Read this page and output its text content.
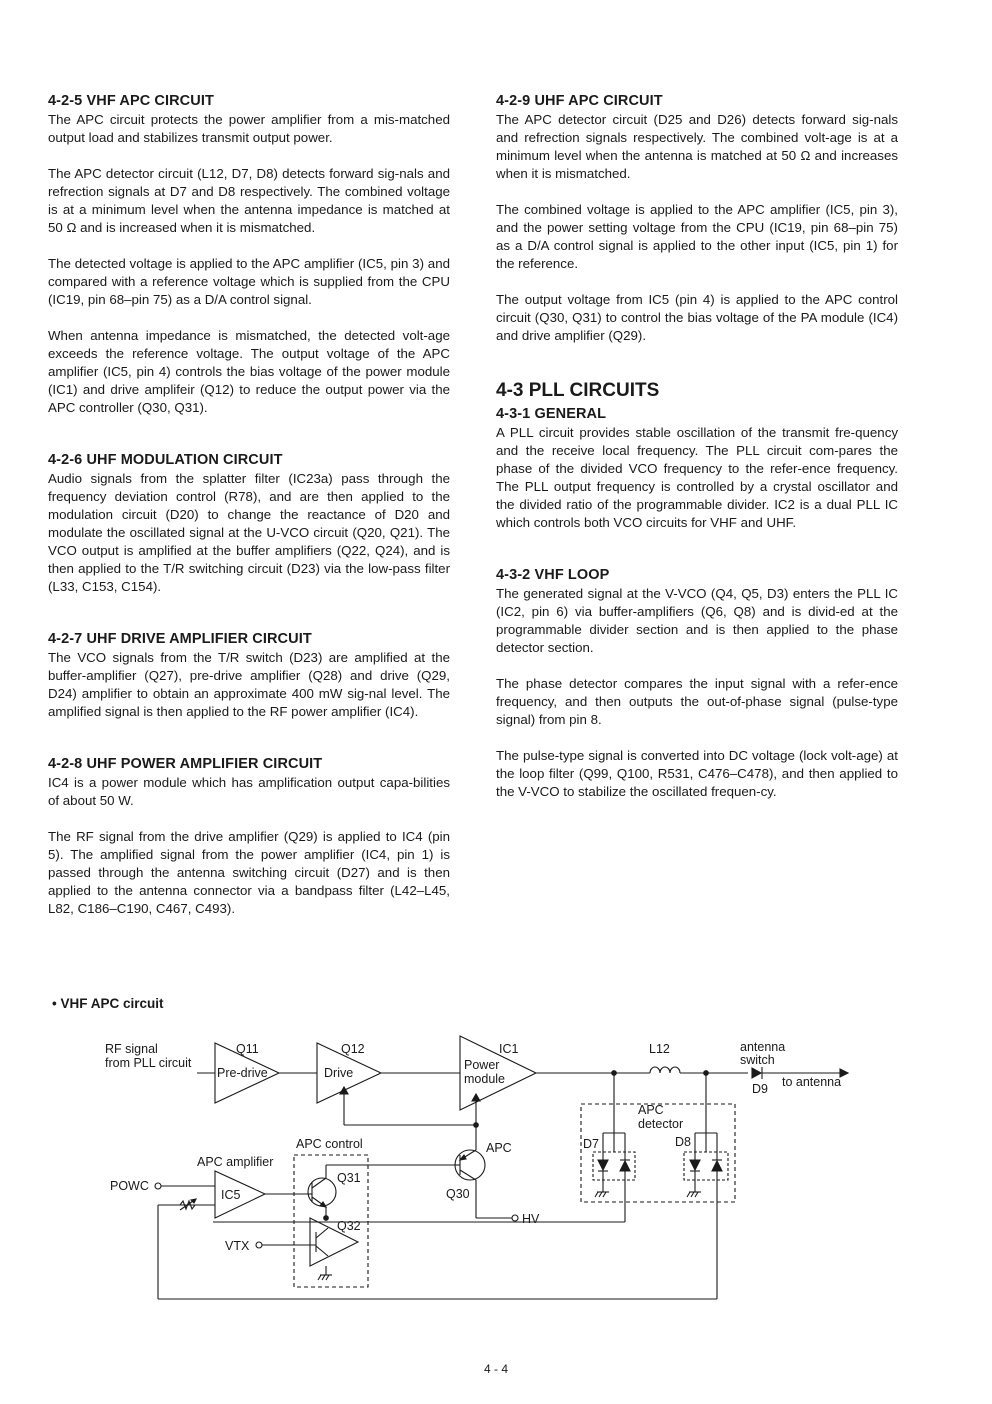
4-2-5 VHF APC CIRCUIT

The APC circuit protects the power amplifier from a mis-matched output load and stabilizes transmit output power.

The APC detector circuit (L12, D7, D8) detects forward sig-nals and refrection signals at D7 and D8 respectively. The combined voltage is at a minimum level when the antenna impedance is matched at 50 Ω and is increased when it is mismatched.

The detected voltage is applied to the APC amplifier (IC5, pin 3) and compared with a reference voltage which is supplied from the CPU (IC19, pin 68–pin 75) as a D/A control signal.

When antenna impedance is mismatched, the detected volt-age exceeds the reference voltage. The output voltage of the APC amplifier (IC5, pin 4) controls the bias voltage of the power module (IC1) and drive amplifeir (Q12) to reduce the output power via the APC controller (Q30, Q31).

4-2-6 UHF MODULATION CIRCUIT

Audio signals from the splatter filter (IC23a) pass through the frequency deviation control (R78), and are then applied to the modulation circuit (D20) to change the reactance of D20 and modulate the oscillated signal at the U-VCO circuit (Q20, Q21). The VCO output is amplified at the buffer amplifiers (Q22, Q24), and is then applied to the T/R switching circuit (D23) via the low-pass filter (L33, C153, C154).

4-2-7 UHF DRIVE AMPLIFIER CIRCUIT

The VCO signals from the T/R switch (D23) are amplified at the buffer-amplifier (Q27), pre-drive amplifier (Q28) and drive (Q29, D24) amplifier to obtain an approximate 400 mW sig-nal level. The amplified signal is then applied to the RF power amplifier (IC4).

4-2-8 UHF POWER AMPLIFIER CIRCUIT

IC4 is a power module which has amplification output capa-bilities of about 50 W.

The RF signal from the drive amplifier (Q29) is applied to IC4 (pin 5). The amplified signal from the power amplifier (IC4, pin 1) is passed through the antenna switching circuit (D27) and is then applied to the antenna connector via a bandpass filter (L42–L45, L82, C186–C190, C467, C493).

4-2-9 UHF APC CIRCUIT

The APC detector circuit (D25 and D26) detects forward sig-nals and refrection signals respectively. The combined volt-age is at a minimum level when the antenna is matched at 50 Ω and increases when it is mismatched.

The combined voltage is applied to the APC amplifier (IC5, pin 3), and the power setting voltage from the CPU (IC19, pin 68–pin 75) as a D/A control signal is applied to the other input (IC5, pin 1) for the reference.

The output voltage from IC5 (pin 4) is applied to the APC control circuit (Q30, Q31) to control the bias voltage of the PA module (IC4) and drive amplifier (Q29).

4-3 PLL CIRCUITS
4-3-1 GENERAL

A PLL circuit provides stable oscillation of the transmit fre-quency and the receive local frequency. The PLL circuit com-pares the phase of the divided VCO frequency to the refer-ence frequency. The PLL output frequency is controlled by a crystal oscillator and the divided ratio of the programmable divider. IC2 is a dual PLL IC which controls both VCO circuits for VHF and UHF.

4-3-2 VHF LOOP

The generated signal at the V-VCO (Q4, Q5, D3) enters the PLL IC (IC2, pin 6) via buffer-amplifiers (Q6, Q8) and is divid-ed at the programmable divider section and is then applied to the phase detector section.

The phase detector compares the input signal with a refer-ence frequency, and then outputs the out-of-phase signal (pulse-type signal) from pin 8.

The pulse-type signal is converted into DC voltage (lock volt-age) at the loop filter (Q99, Q100, R531, C476–C478), and then applied to the V-VCO to stabilize the oscillated frequen-cy.

• VHF APC circuit
RF signal
from PLL circuit
Q11
Pre-drive
Q12
Drive
IC1
Power
module
L12	antenna
switch
D9 to antenna
APC
detector
D7	D8
APC control	APC
APC amplifier
POWC
IC5
Q31
Q30
Q32
VTX
HV
4 - 4
